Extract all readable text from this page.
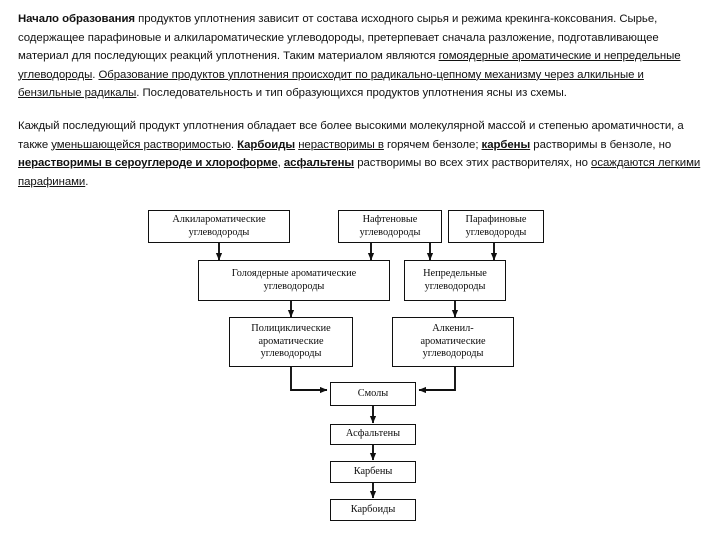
Начало образования продуктов уплотнения зависит от состава исходного сырья и режима крекинга-коксования. Сырье, содержащее парафиновые и алкилароматические углеводороды, претерпевает сначала разложение, подготавливающее материал для последующих реакций уплотнения. Таким материалом являются гомоядерные ароматические и непредельные углеводороды. Образование продуктов уплотнения происходит по радикально-цепному механизму через алкильные и бензильные радикалы. Последовательность и тип образующихся продуктов уплотнения ясны из схемы.

Каждый последующий продукт уплотнения обладает все более высокими молекулярной массой и степенью ароматичности, а также уменьшающейся растворимостью. Карбоиды нерастворимы в горячем бензоле; карбены растворимы в бензоле, но нерастворимы в сероуглероде и хлороформе, асфальтены растворимы во всех этих растворителях, но осаждаются легкими парафинами.

Алкилароматические
углеводороды
Нафтеновые
углеводороды
Парафиновые
углеводороды
Голоядерные ароматические
углеводороды
Непредельные
углеводороды
Полициклические
ароматические
углеводороды
Алкенил-
ароматические
углеводороды
Смолы
Асфальтены
Карбены
Карбоиды
